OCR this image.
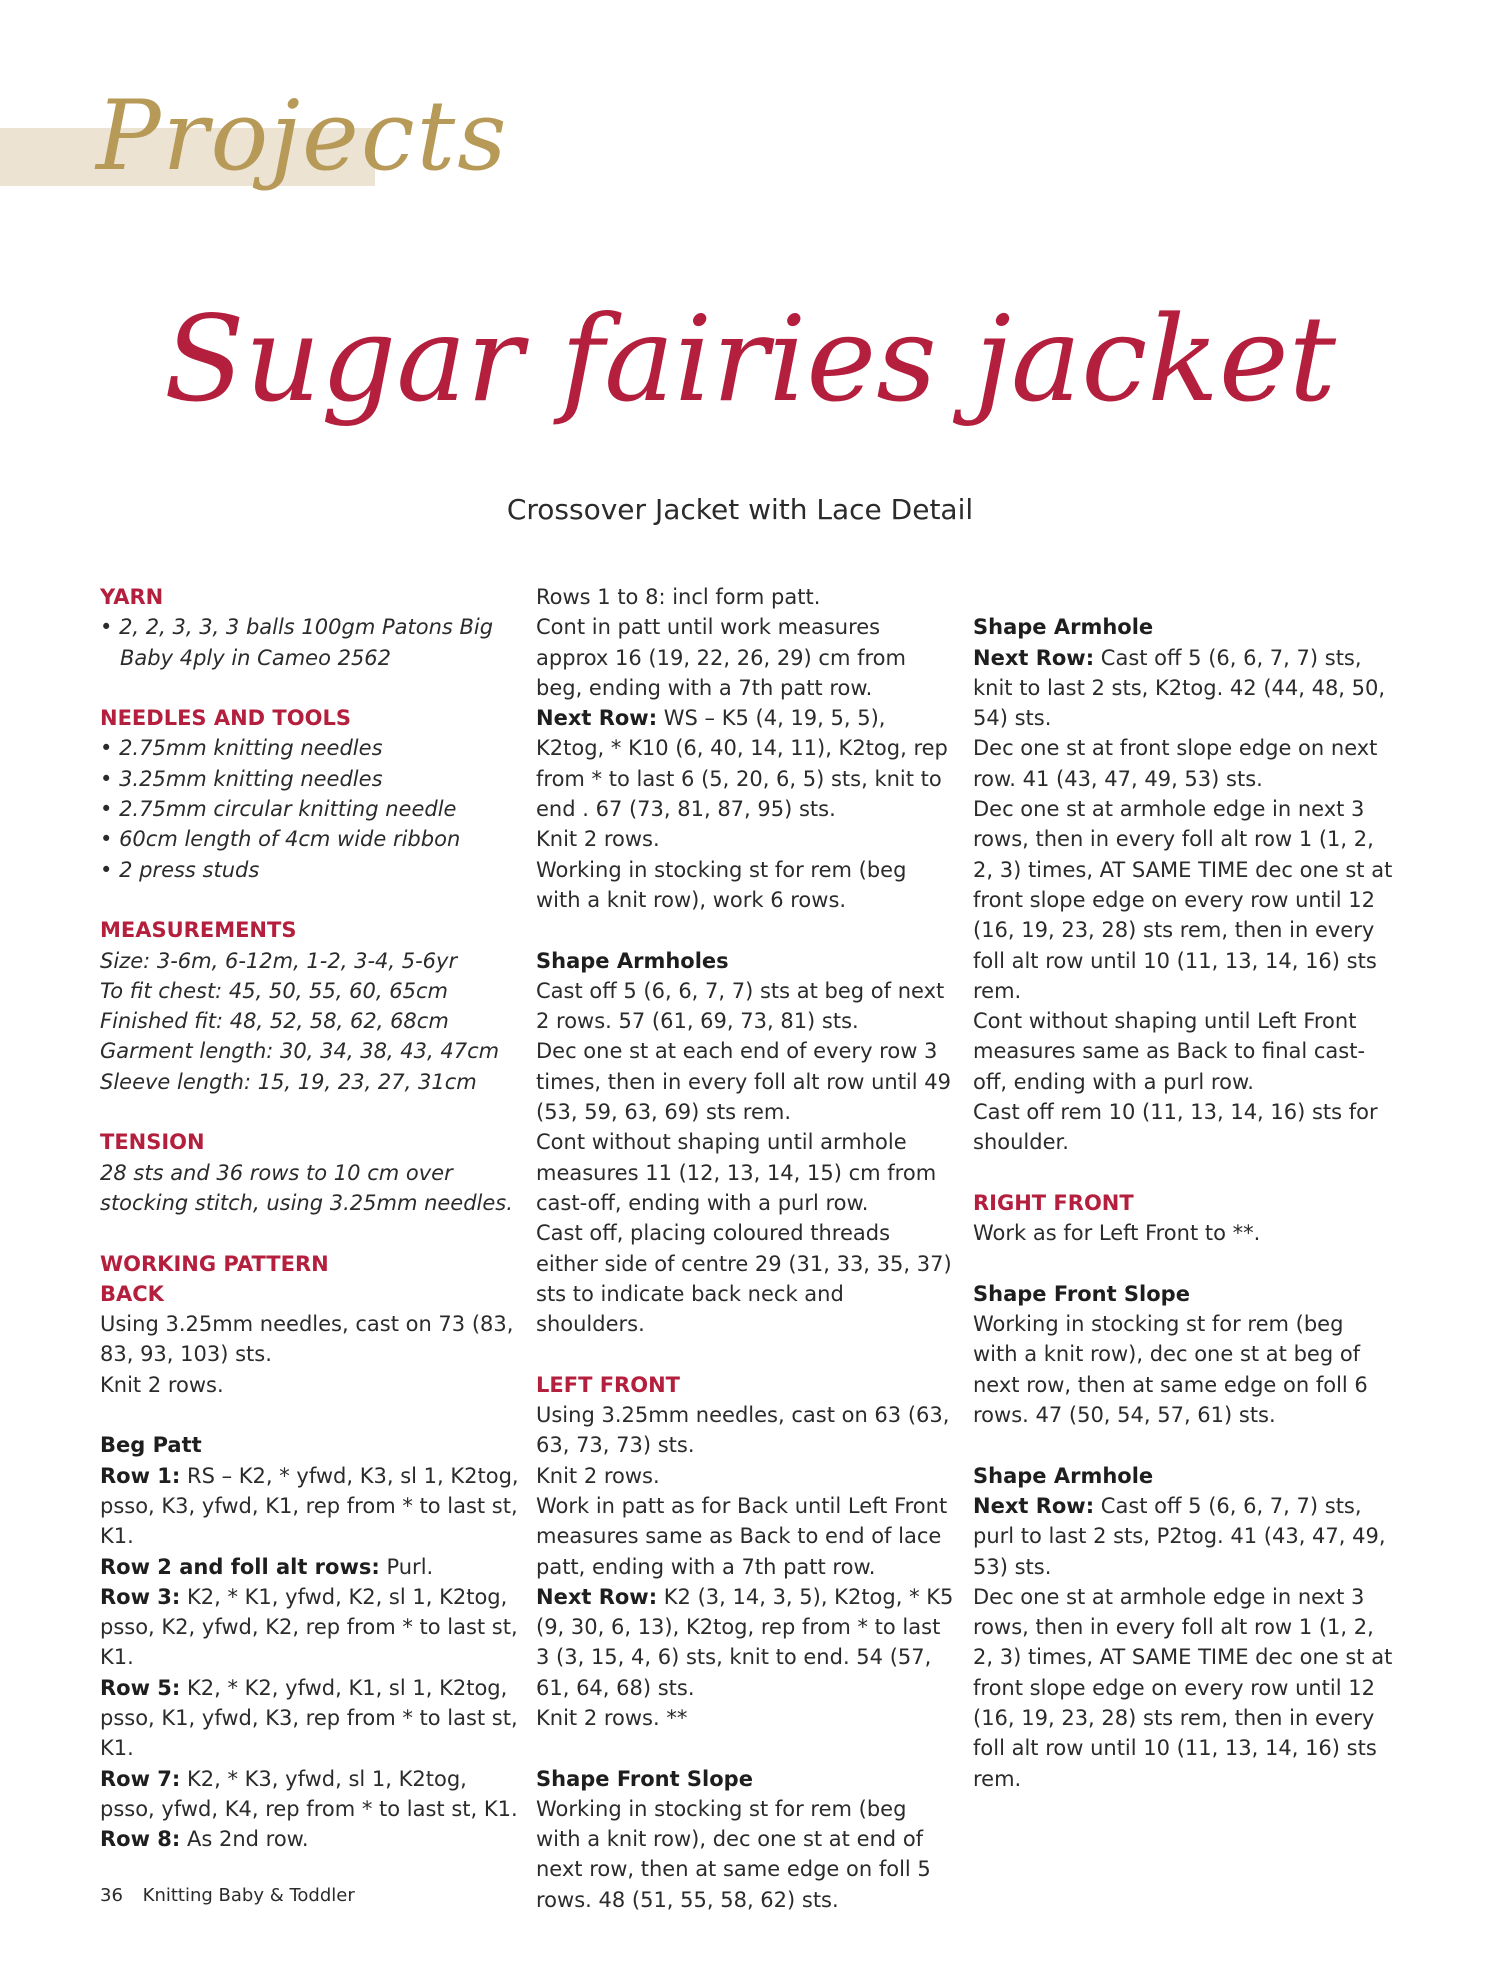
Projects
Sugar fairies jacket

Crossover Jacket with Lace Detail

YARN

• 2, 2, 3, 3, 3 balls 100gm Patons Big Baby 4ply in Cameo 2562

NEEDLES AND TOOLS

• 2.75mm knitting needles

• 3.25mm knitting needles

• 2.75mm circular knitting needle

• 60cm length of 4cm wide ribbon

• 2 press studs

MEASUREMENTS

Size: 3-6m, 6-12m, 1-2, 3-4, 5-6yr

To fit chest: 45, 50, 55, 60, 65cm

Finished fit: 48, 52, 58, 62, 68cm

Garment length: 30, 34, 38, 43, 47cm

Sleeve length: 15, 19, 23, 27, 31cm

TENSION

28 sts and 36 rows to 10 cm over stocking stitch, using 3.25mm needles.

WORKING PATTERN

BACK

Using 3.25mm needles, cast on 73 (83, 83, 93, 103) sts.

Knit 2 rows.

Beg Patt

Row 1: RS – K2, * yfwd, K3, sl 1, K2tog, psso, K3, yfwd, K1, rep from * to last st, K1.

Row 2 and foll alt rows: Purl.

Row 3: K2, * K1, yfwd, K2, sl 1, K2tog, psso, K2, yfwd, K2, rep from * to last st, K1.

Row 5: K2, * K2, yfwd, K1, sl 1, K2tog, psso, K1, yfwd, K3, rep from * to last st, K1.

Row 7: K2, * K3, yfwd, sl 1, K2tog, psso, yfwd, K4, rep from * to last st, K1.

Row 8: As 2nd row.

Rows 1 to 8: incl form patt.

Cont in patt until work measures approx 16 (19, 22, 26, 29) cm from beg, ending with a 7th patt row.

Next Row: WS – K5 (4, 19, 5, 5), K2tog, * K10 (6, 40, 14, 11), K2tog, rep from * to last 6 (5, 20, 6, 5) sts, knit to end . 67 (73, 81, 87, 95) sts.

Knit 2 rows.

Working in stocking st for rem (beg with a knit row), work 6 rows.

Shape Armholes

Cast off 5 (6, 6, 7, 7) sts at beg of next 2 rows. 57 (61, 69, 73, 81) sts.

Dec one st at each end of every row 3 times, then in every foll alt row until 49 (53, 59, 63, 69) sts rem.

Cont without shaping until armhole measures 11 (12, 13, 14, 15) cm from cast-off, ending with a purl row.

Cast off, placing coloured threads either side of centre 29 (31, 33, 35, 37) sts to indicate back neck and shoulders.

LEFT FRONT

Using 3.25mm needles, cast on 63 (63, 63, 73, 73) sts.

Knit 2 rows.

Work in patt as for Back until Left Front measures same as Back to end of lace patt, ending with a 7th patt row.

Next Row: K2 (3, 14, 3, 5), K2tog, * K5 (9, 30, 6, 13), K2tog, rep from * to last 3 (3, 15, 4, 6) sts, knit to end. 54 (57, 61, 64, 68) sts.

Knit 2 rows. **

Shape Front Slope

Working in stocking st for rem (beg with a knit row), dec one st at end of next row, then at same edge on foll 5 rows. 48 (51, 55, 58, 62) sts.

Shape Armhole

Next Row: Cast off 5 (6, 6, 7, 7) sts, knit to last 2 sts, K2tog. 42 (44, 48, 50, 54) sts.

Dec one st at front slope edge on next row. 41 (43, 47, 49, 53) sts.

Dec one st at armhole edge in next 3 rows, then in every foll alt row 1 (1, 2, 2, 3) times, AT SAME TIME dec one st at front slope edge on every row until 12 (16, 19, 23, 28) sts rem, then in every foll alt row until 10 (11, 13, 14, 16) sts rem.

Cont without shaping until Left Front measures same as Back to final cast-off, ending with a purl row.

Cast off rem 10 (11, 13, 14, 16) sts for shoulder.

RIGHT FRONT

Work as for Left Front to **.

Shape Front Slope

Working in stocking st for rem (beg with a knit row), dec one st at beg of next row, then at same edge on foll 6 rows. 47 (50, 54, 57, 61) sts.

Shape Armhole

Next Row: Cast off 5 (6, 6, 7, 7) sts, purl to last 2 sts, P2tog. 41 (43, 47, 49, 53) sts.

Dec one st at armhole edge in next 3 rows, then in every foll alt row 1 (1, 2, 2, 3) times, AT SAME TIME dec one st at front slope edge on every row until 12 (16, 19, 23, 28) sts rem, then in every foll alt row until 10 (11, 13, 14, 16) sts rem.

36 Knitting Baby & Toddler
